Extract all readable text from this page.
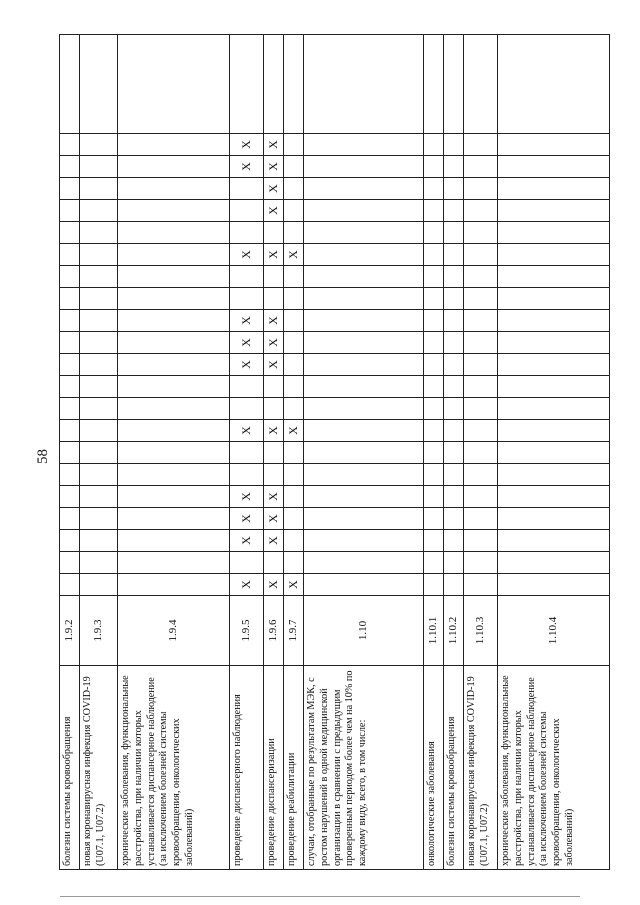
58
болезни системы кровообращения	1.9.2																						
новая коронавирусная инфекция COVID-19 (U07.1, U07.2)	1.9.3																						
хронические заболевания, функциональные расстройства, при наличии которых устанавливается диспансерное наблюдение (за исключением болезней системы кровообращения, онкологических заболеваний)	1.9.4																						
проведение диспансерного наблюдения	1.9.5	X		X	X	X			X			X	X	X			X				X	X	
проведение диспансеризации	1.9.6	X		X	X	X			X			X	X	X			X		X	X	X	X	
проведение реабилитации	1.9.7	X							X								X						
случаи, отобранные по результатам МЭК, с ростом нарушений в одной медицинской организации в сравнении с предыдущим проверенным периодом более чем на 10% по каждому виду, всего, в том числе:	1.10																						
онкологические заболевания	1.10.1																						
болезни системы кровообращения	1.10.2																						
новая коронавирусная инфекция COVID-19 (U07.1, U07.2)	1.10.3																						
хронические заболевания, функциональные расстройства, при наличии которых устанавливается диспансерное наблюдение (за исключением болезней системы кровообращения, онкологических заболеваний)	1.10.4																						
